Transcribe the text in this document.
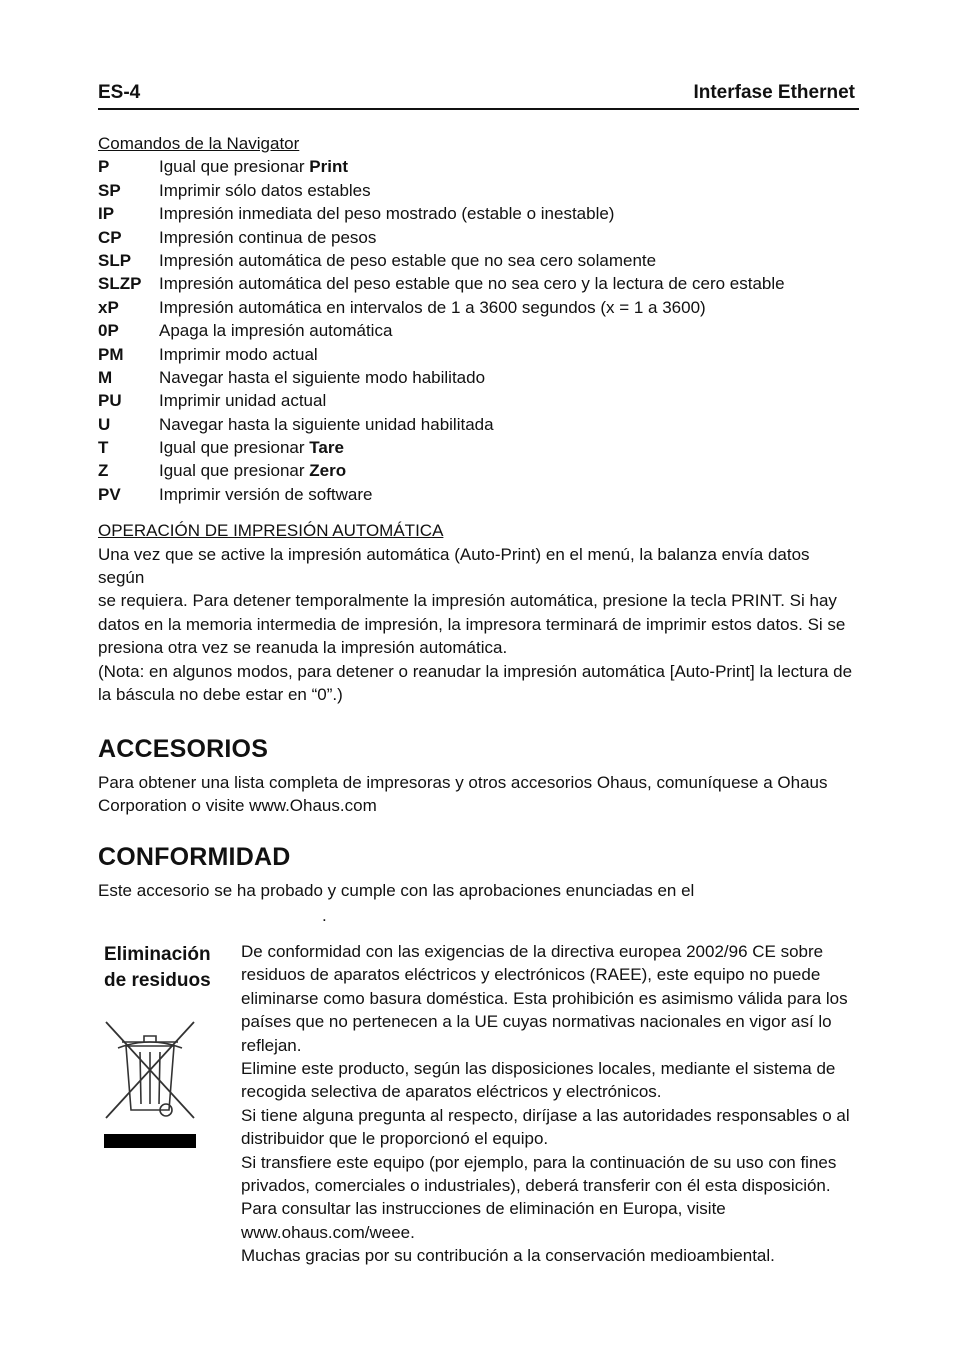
ES-4	Interfase Ethernet
Comandos de la Navigator
P	Igual que presionar Print
SP	Imprimir sólo datos estables
IP	Impresión inmediata del peso mostrado (estable o inestable)
CP	Impresión continua de pesos
SLP	Impresión automática de peso estable que no sea cero solamente
SLZP	Impresión automática del peso estable que no sea cero y la lectura de cero estable
xP	Impresión automática en intervalos de 1 a 3600 segundos (x = 1 a 3600)
0P	Apaga la impresión automática
PM	Imprimir modo actual
M	Navegar hasta el siguiente modo habilitado
PU	Imprimir unidad actual
U	Navegar hasta la siguiente unidad habilitada
T	Igual que presionar Tare
Z	Igual que presionar Zero
PV	Imprimir versión de software
OPERACIÓN DE IMPRESIÓN AUTOMÁTICA

Una vez que se active la impresión automática (Auto-Print) en el menú, la balanza envía datos según

se requiera. Para detener temporalmente la impresión automática, presione la tecla PRINT. Si hay

datos en la memoria intermedia de impresión, la impresora terminará de imprimir estos datos. Si se

presiona otra vez se reanuda la impresión automática.

(Nota: en algunos modos, para detener o reanudar la impresión automática [Auto-Print] la lectura de

la báscula no debe estar en “0”.)

ACCESORIOS

Para obtener una lista completa de impresoras y otros accesorios Ohaus, comuníquese a Ohaus

Corporation o visite www.Ohaus.com

CONFORMIDAD

Este accesorio se ha probado y cumple con las aprobaciones enunciadas en el

.
Eliminación
de residuos

De conformidad con las exigencias de la directiva europea 2002/96 CE sobre

residuos de aparatos eléctricos y electrónicos (RAEE), este equipo no puede

eliminarse como basura doméstica. Esta prohibición es asimismo válida para los

países que no pertenecen a la UE cuyas normativas nacionales en vigor así lo

reflejan.

Elimine este producto, según las disposiciones locales, mediante el sistema de

recogida selectiva de aparatos eléctricos y electrónicos.

Si tiene alguna pregunta al respecto, diríjase a las autoridades responsables o al

distribuidor que le proporcionó el equipo.

Si transfiere este equipo (por ejemplo, para la continuación de su uso con fines

privados, comerciales o industriales), deberá transferir con él esta disposición.

Para consultar las instrucciones de eliminación en Europa, visite

www.ohaus.com/weee.

Muchas gracias por su contribución a la conservación medioambiental.
